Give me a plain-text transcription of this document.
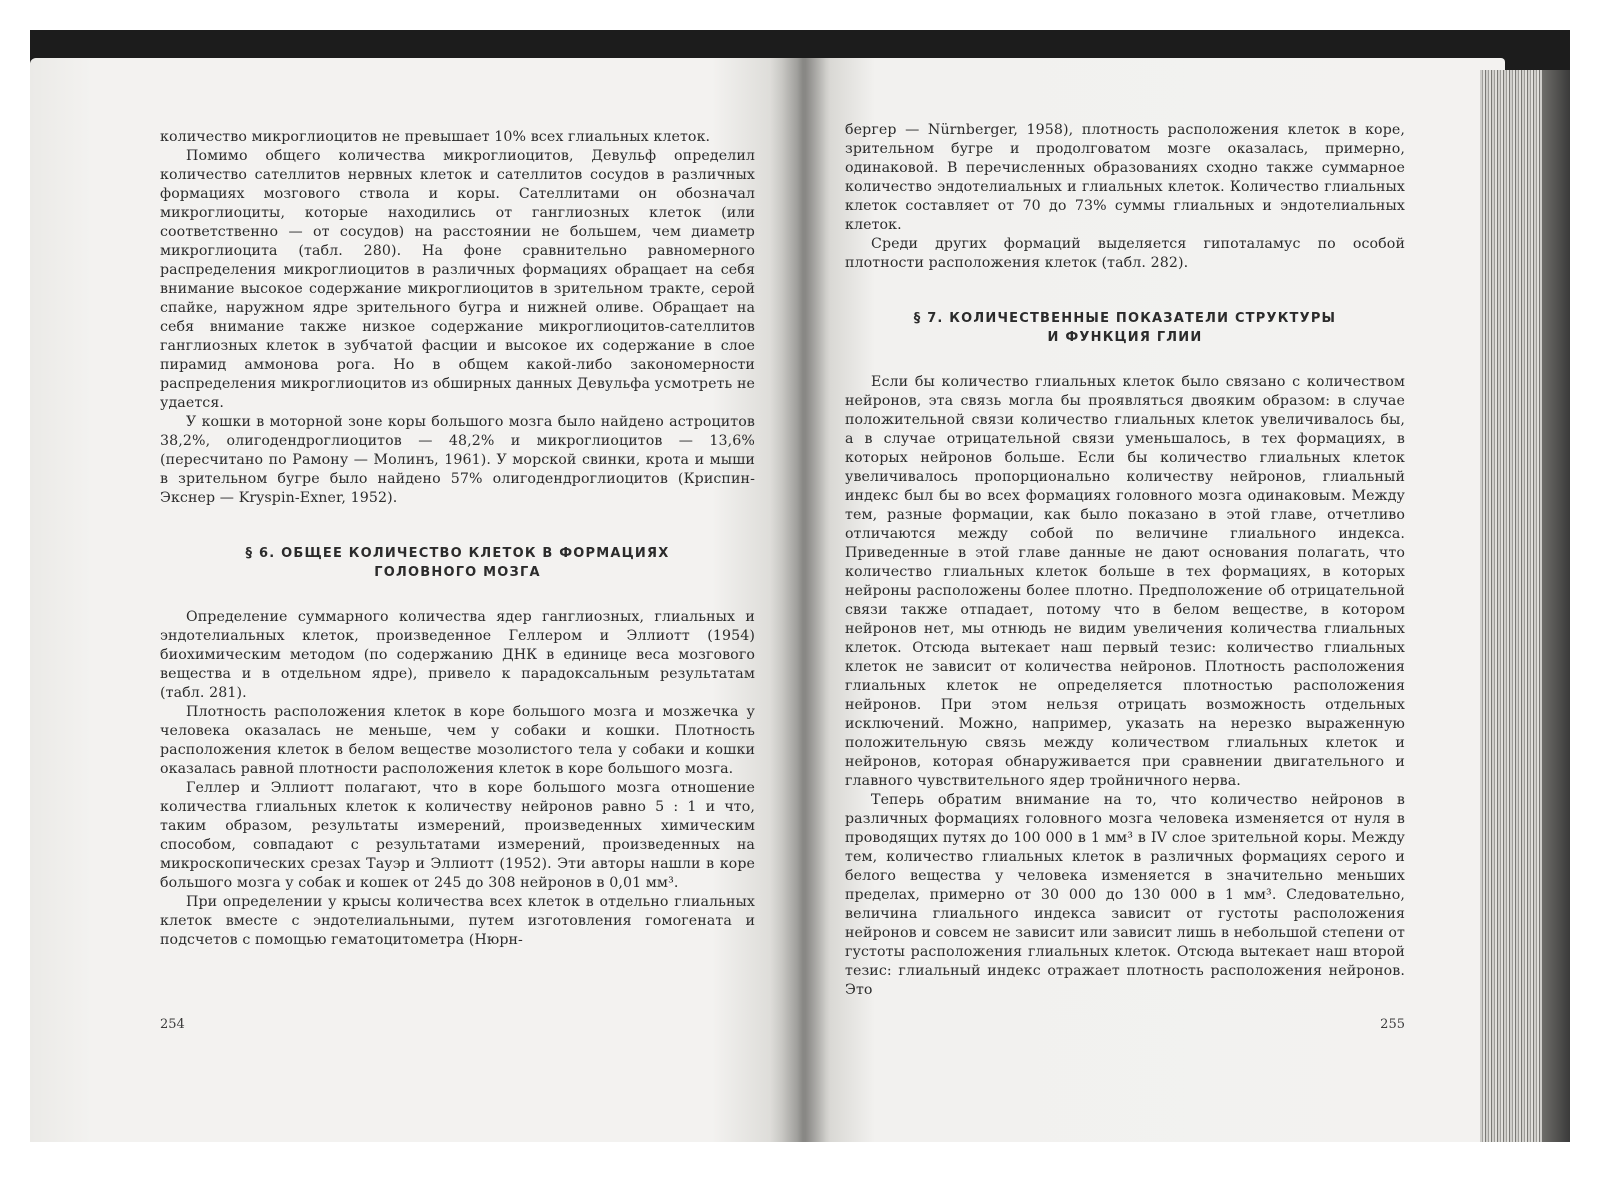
количество микроглиоцитов не превышает 10% всех глиальных клеток.

Помимо общего количества микроглиоцитов, Девульф определил количество сателлитов нервных клеток и сателлитов сосудов в различных формациях мозгового ствола и коры. Сателлитами он обозначал микроглиоциты, которые находились от ганглиозных клеток (или соответственно — от сосудов) на расстоянии не большем, чем диаметр микроглиоцита (табл. 280). На фоне сравнительно равномерного распределения микроглиоцитов в различных формациях обращает на себя внимание высокое содержание микроглиоцитов в зрительном тракте, серой спайке, наружном ядре зрительного бугра и нижней оливе. Обращает на себя внимание также низкое содержание микроглиоцитов-сателлитов ганглиозных клеток в зубчатой фасции и высокое их содержание в слое пирамид аммонова рога. Но в общем какой-либо закономерности распределения микроглиоцитов из обширных данных Девульфа усмотреть не удается.

У кошки в моторной зоне коры большого мозга было найдено астроцитов 38,2%, олигодендроглиоцитов — 48,2% и микроглиоцитов — 13,6% (пересчитано по Рамону — Молинъ, 1961). У морской свинки, крота и мыши в зрительном бугре было найдено 57% олигодендроглиоцитов (Криспин-Экснер — Kryspin-Exner, 1952).

§ 6. ОБЩЕЕ КОЛИЧЕСТВО КЛЕТОК В ФОРМАЦИЯХ
ГОЛОВНОГО МОЗГА

Определение суммарного количества ядер ганглиозных, глиальных и эндотелиальных клеток, произведенное Геллером и Эллиотт (1954) биохимическим методом (по содержанию ДНК в единице веса мозгового вещества и в отдельном ядре), привело к парадоксальным результатам (табл. 281).

Плотность расположения клеток в коре большого мозга и мозжечка у человека оказалась не меньше, чем у собаки и кошки. Плотность расположения клеток в белом веществе мозолистого тела у собаки и кошки оказалась равной плотности расположения клеток в коре большого мозга.

Геллер и Эллиотт полагают, что в коре большого мозга отношение количества глиальных клеток к количеству нейронов равно 5 : 1 и что, таким образом, результаты измерений, произведенных химическим способом, совпадают с результатами измерений, произведенных на микроскопических срезах Тауэр и Эллиотт (1952). Эти авторы нашли в коре большого мозга у собак и кошек от 245 до 308 нейронов в 0,01 мм³.

При определении у крысы количества всех клеток в отдельно глиальных клеток вместе с эндотелиальными, путем изготовления гомогената и подсчетов с помощью гематоцитометра (Нюрн-

254

бергер — Nürnberger, 1958), плотность расположения клеток в коре, зрительном бугре и продолговатом мозге оказалась, примерно, одинаковой. В перечисленных образованиях сходно также суммарное количество эндотелиальных и глиальных клеток. Количество глиальных клеток составляет от 70 до 73% суммы глиальных и эндотелиальных клеток.

Среди других формаций выделяется гипоталамус по особой плотности расположения клеток (табл. 282).

§ 7. КОЛИЧЕСТВЕННЫЕ ПОКАЗАТЕЛИ СТРУКТУРЫ
И ФУНКЦИЯ ГЛИИ

Если бы количество глиальных клеток было связано с количеством нейронов, эта связь могла бы проявляться двояким образом: в случае положительной связи количество глиальных клеток увеличивалось бы, а в случае отрицательной связи уменьшалось, в тех формациях, в которых нейронов больше. Если бы количество глиальных клеток увеличивалось пропорционально количеству нейронов, глиальный индекс был бы во всех формациях головного мозга одинаковым. Между тем, разные формации, как было показано в этой главе, отчетливо отличаются между собой по величине глиального индекса. Приведенные в этой главе данные не дают основания полагать, что количество глиальных клеток больше в тех формациях, в которых нейроны расположены более плотно. Предположение об отрицательной связи также отпадает, потому что в белом веществе, в котором нейронов нет, мы отнюдь не видим увеличения количества глиальных клеток. Отсюда вытекает наш первый тезис: количество глиальных клеток не зависит от количества нейронов. Плотность расположения глиальных клеток не определяется плотностью расположения нейронов. При этом нельзя отрицать возможность отдельных исключений. Можно, например, указать на нерезко выраженную положительную связь между количеством глиальных клеток и нейронов, которая обнаруживается при сравнении двигательного и главного чувствительного ядер тройничного нерва.

Теперь обратим внимание на то, что количество нейронов в различных формациях головного мозга человека изменяется от нуля в проводящих путях до 100 000 в 1 мм³ в IV слое зрительной коры. Между тем, количество глиальных клеток в различных формациях серого и белого вещества у человека изменяется в значительно меньших пределах, примерно от 30 000 до 130 000 в 1 мм³. Следовательно, величина глиального индекса зависит от густоты расположения нейронов и совсем не зависит или зависит лишь в небольшой степени от густоты расположения глиальных клеток. Отсюда вытекает наш второй тезис: глиальный индекс отражает плотность расположения нейронов. Это

255
